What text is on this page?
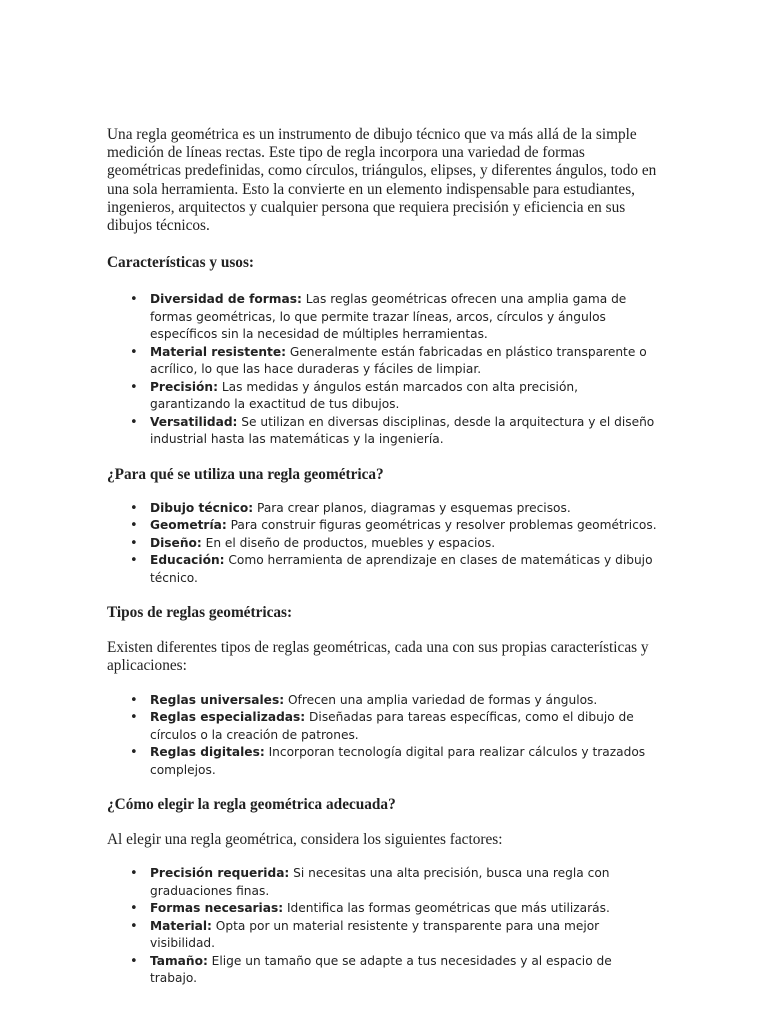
Una regla geométrica es un instrumento de dibujo técnico que va más allá de la simple medición de líneas rectas. Este tipo de regla incorpora una variedad de formas geométricas predefinidas, como círculos, triángulos, elipses, y diferentes ángulos, todo en una sola herramienta. Esto la convierte en un elemento indispensable para estudiantes, ingenieros, arquitectos y cualquier persona que requiera precisión y eficiencia en sus dibujos técnicos.

Características y usos:
• Diversidad de formas: Las reglas geométricas ofrecen una amplia gama de formas geométricas, lo que permite trazar líneas, arcos, círculos y ángulos específicos sin la necesidad de múltiples herramientas.
• Material resistente: Generalmente están fabricadas en plástico transparente o acrílico, lo que las hace duraderas y fáciles de limpiar.
• Precisión: Las medidas y ángulos están marcados con alta precisión, garantizando la exactitud de tus dibujos.
• Versatilidad: Se utilizan en diversas disciplinas, desde la arquitectura y el diseño industrial hasta las matemáticas y la ingeniería.
¿Para qué se utiliza una regla geométrica?
• Dibujo técnico: Para crear planos, diagramas y esquemas precisos.
• Geometría: Para construir figuras geométricas y resolver problemas geométricos.
• Diseño: En el diseño de productos, muebles y espacios.
• Educación: Como herramienta de aprendizaje en clases de matemáticas y dibujo técnico.
Tipos de reglas geométricas:

Existen diferentes tipos de reglas geométricas, cada una con sus propias características y aplicaciones:

• Reglas universales: Ofrecen una amplia variedad de formas y ángulos.
• Reglas especializadas: Diseñadas para tareas específicas, como el dibujo de círculos o la creación de patrones.
• Reglas digitales: Incorporan tecnología digital para realizar cálculos y trazados complejos.
¿Cómo elegir la regla geométrica adecuada?

Al elegir una regla geométrica, considera los siguientes factores:

• Precisión requerida: Si necesitas una alta precisión, busca una regla con graduaciones finas.
• Formas necesarias: Identifica las formas geométricas que más utilizarás.
• Material: Opta por un material resistente y transparente para una mejor visibilidad.
• Tamaño: Elige un tamaño que se adapte a tus necesidades y al espacio de trabajo.
